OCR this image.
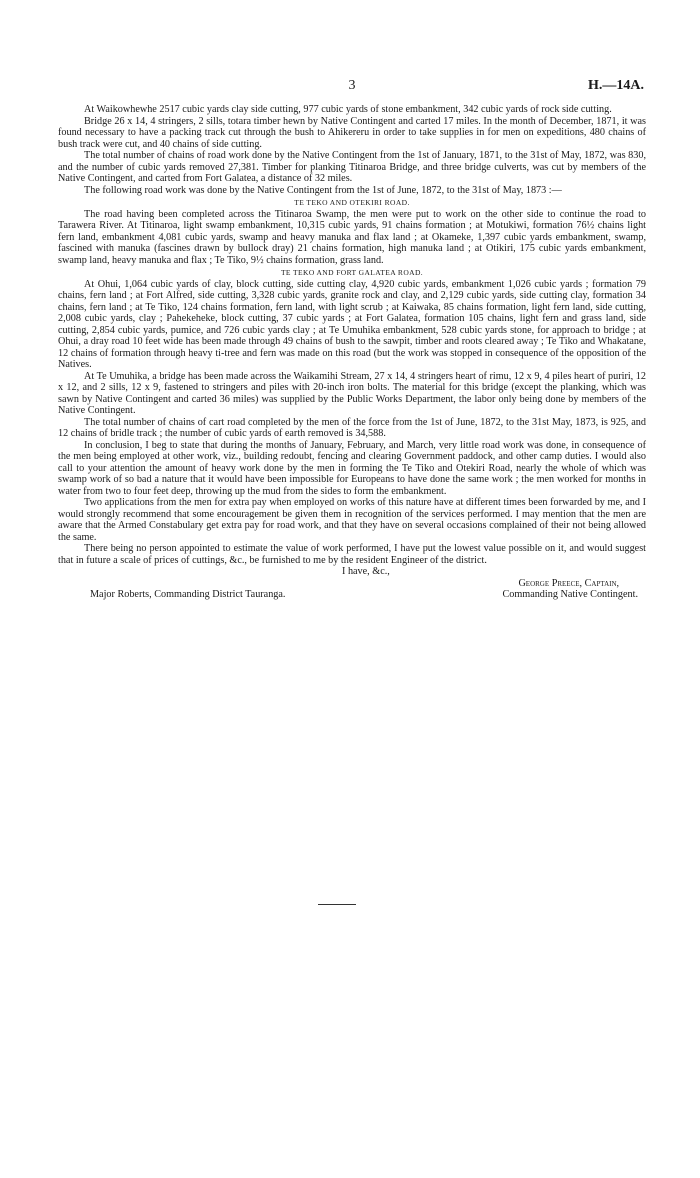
3	H.—14A.

At Waikowhewhe 2517 cubic yards clay side cutting, 977 cubic yards of stone embankment, 342 cubic yards of rock side cutting.

Bridge 26 x 14, 4 stringers, 2 sills, totara timber hewn by Native Contingent and carted 17 miles. In the month of December, 1871, it was found necessary to have a packing track cut through the bush to Ahikereru in order to take supplies in for men on expeditions, 480 chains of bush track were cut, and 40 chains of side cutting.

The total number of chains of road work done by the Native Contingent from the 1st of January, 1871, to the 31st of May, 1872, was 830, and the number of cubic yards removed 27,381. Timber for planking Titinaroa Bridge, and three bridge culverts, was cut by members of the Native Contingent, and carted from Fort Galatea, a distance of 32 miles.

The following road work was done by the Native Contingent from the 1st of June, 1872, to the 31st of May, 1873 :—

TE TEKO AND OTEKIRI ROAD.

The road having been completed across the Titinaroa Swamp, the men were put to work on the other side to continue the road to Tarawera River. At Titinaroa, light swamp embankment, 10,315 cubic yards, 91 chains formation ; at Motukiwi, formation 76½ chains light fern land, embankment 4,081 cubic yards, swamp and heavy manuka and flax land ; at Okameke, 1,397 cubic yards embankment, swamp, fascined with manuka (fascines drawn by bullock dray) 21 chains formation, high manuka land ; at Otikiri, 175 cubic yards embankment, swamp land, heavy manuka and flax ; Te Tiko, 9½ chains formation, grass land.

TE TEKO AND FORT GALATEA ROAD.

At Ohui, 1,064 cubic yards of clay, block cutting, side cutting clay, 4,920 cubic yards, embankment 1,026 cubic yards ; formation 79 chains, fern land ; at Fort Alfred, side cutting, 3,328 cubic yards, granite rock and clay, and 2,129 cubic yards, side cutting clay, formation 34 chains, fern land ; at Te Tiko, 124 chains formation, fern land, with light scrub ; at Kaiwaka, 85 chains formation, light fern land, side cutting, 2,008 cubic yards, clay ; Pahekeheke, block cutting, 37 cubic yards ; at Fort Galatea, formation 105 chains, light fern and grass land, side cutting, 2,854 cubic yards, pumice, and 726 cubic yards clay ; at Te Umuhika embankment, 528 cubic yards stone, for approach to bridge ; at Ohui, a dray road 10 feet wide has been made through 49 chains of bush to the sawpit, timber and roots cleared away ; Te Tiko and Whakatane, 12 chains of formation through heavy ti-tree and fern was made on this road (but the work was stopped in consequence of the opposition of the Natives.

At Te Umuhika, a bridge has been made across the Waikamihi Stream, 27 x 14, 4 stringers heart of rimu, 12 x 9, 4 piles heart of puriri, 12 x 12, and 2 sills, 12 x 9, fastened to stringers and piles with 20-inch iron bolts. The material for this bridge (except the planking, which was sawn by Native Contingent and carted 36 miles) was supplied by the Public Works Department, the labor only being done by members of the Native Contingent.

The total number of chains of cart road completed by the men of the force from the 1st of June, 1872, to the 31st May, 1873, is 925, and 12 chains of bridle track ; the number of cubic yards of earth removed is 34,588.

In conclusion, I beg to state that during the months of January, February, and March, very little road work was done, in consequence of the men being employed at other work, viz., building redoubt, fencing and clearing Government paddock, and other camp duties. I would also call to your attention the amount of heavy work done by the men in forming the Te Tiko and Otekiri Road, nearly the whole of which was swamp work of so bad a nature that it would have been impossible for Europeans to have done the same work ; the men worked for months in water from two to four feet deep, throwing up the mud from the sides to form the embankment.

Two applications from the men for extra pay when employed on works of this nature have at different times been forwarded by me, and I would strongly recommend that some encouragement be given them in recognition of the services performed. I may mention that the men are aware that the Armed Constabulary get extra pay for road work, and that they have on several occasions complained of their not being allowed the same.

There being no person appointed to estimate the value of work performed, I have put the lowest value possible on it, and would suggest that in future a scale of prices of cuttings, &c., be furnished to me by the resident Engineer of the district.

I have, &c.,

Major Roberts, Commanding District Tauranga.
George Preece, Captain,
Commanding Native Contingent.
